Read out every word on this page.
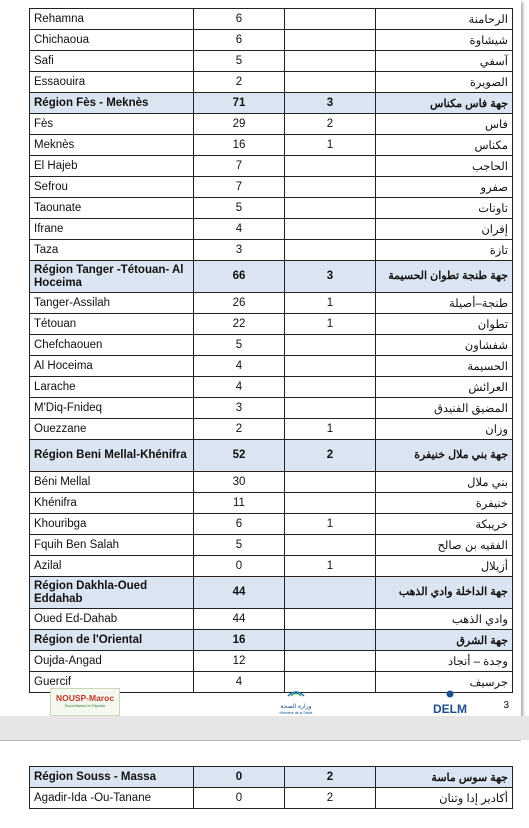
Rehamna	6		الرحامنة
Chichaoua	6		شيشاوة
Safi	5		آسفي
Essaouira	2		الصويرة
Région Fès - Meknès	71	3	جهة فاس مكناس
Fès	29	2	فاس
Meknès	16	1	مكناس
El Hajeb	7		الحاجب
Sefrou	7		صفرو
Taounate	5		تاونات
Ifrane	4		إفران
Taza	3		تازة
Région Tanger -Tétouan- Al Hoceima	66	3	جهة طنجة تطوان الحسيمة
Tanger-Assilah	26	1	طنجة–أصيلة
Tétouan	22	1	تطوان
Chefchaouen	5		شفشاون
Al Hoceima	4		الحسيمة
Larache	4		العرائش
M'Diq-Fnideq	3		المضيق الفنيدق
Ouezzane	2	1	وزان
Région Beni Mellal-Khénifra	52	2	جهة بني ملال خنيفرة
Béni Mellal	30		بني ملال
Khénifra	11		خنيفرة
Khouribga	6	1	خريبكة
Fquih Ben Salah	5		الفقيه بن صالح
Azilal	0	1	أزيلال
Région Dakhla-Oued Eddahab	44		جهة الداخلة وادي الذهب
Oued Ed-Dahab	44		وادي الذهب
Région de l'Oriental	16		جهة الشرق
Oujda-Angad	12		وجدة – أنجاد
Guercif	4		جرسيف
NOUSP-Maroc
Surveillance et Riposte	وزارة الصحة
Ministère de la Santé	DELM	3
Région Souss - Massa	0	2	جهة سوس ماسة
Agadir-Ida -Ou-Tanane	0	2	أكادير إدا وتنان
